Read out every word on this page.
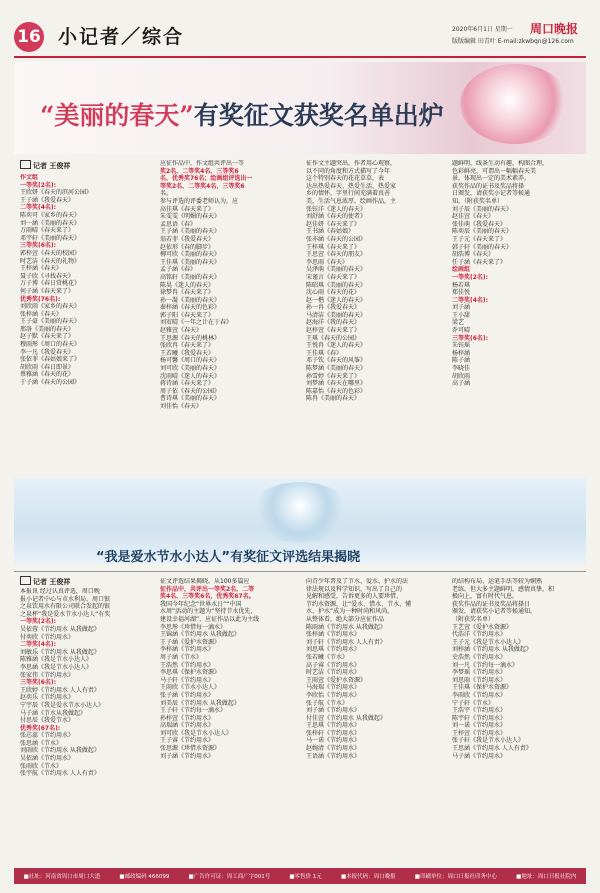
16 小记者／综合	2020年6月1日 星期一 周口晚报
版版编辑 田青叶 E-mail:zkwbqn@126.com
“美丽的春天”有奖征文获奖名单出炉
记者 王俊祥
作文组
一等奖(2名):
王欣妍《春天的滨河公园》
王子涵《我爱春天》
二等奖(4名):
陈奕可《家乡的春天》
刘一涵《美丽的春天》
万雨晴《春天来了》
邓宇轩《美丽的春天》
三等奖(6名):
郭梓萱《春天的校园》
时艺洁《春天的礼物》
王梓涵《春天》
聂子欣《寻找春天》
万子博《春日赏桃花》
何子涵《春天来了》
优秀奖(76名):
刘欣雨《家乡的春天》
张梓涵《春天》
王子豪《美丽的春天》
邢洛《美丽的春天》
赵子默《春天来了》
穆雨彤《周口的春天》
李一凡《我爱春天》
张依菲《春姑娘来了》
胡欣雨《春日即景》
蔡雅涵《春天的花》
于子涵《春天的公园》
应征作品中，作文组共评出一等
奖2名、二等奖4名、三等奖6
名，优秀奖76名；绘画组评选出一
等奖2名、二等奖4名，三等奖6
名。
参与评选的评委老师认为，应
高佳琪《春天来了》
朱雯雯《明媚的春天》
孟思语《春》
王子涵《美丽的春天》
翁若菲《我爱春天》
赵依形《春的脚步》
柳可欣《美丽的春天》
王佳琪《美丽的春天》
孟子涵《春》
高铭轩《美丽的春天》
陈昊《迷人的春天》
徐梦冉《春天来了》
孙一凝《美丽的春天》
秦梓涵《春天的色彩》
郭子阳《春天来了》
刘宥晴《一年之计在于春》
赵雅萱《春天》
王思源《春天的桃林》
张欣冉《春天来了》
王若曦《我爱春天》
杨可馨《周口的春天》
刘可欣《美丽的春天》
沈雨晴《迷人的春天》
蒋诗涵《春天来了》
周子依《春天的公园》
曹诗琪《美丽的春天》
刘佳怡《春天》
征作文主题突出，作者用心观察，
以不同的角度和方式描写了今年
这个特别春天的花花草草，表
达出热爱春天、热爱生活、热爱家
乡的情怀，字里行间充满着真善
美，生活气息浓厚。绘画作品，主
张钰洋《迷人的春天》
刘舒涵《春天的使者》
赵佳妍《春天来了》
王书涵《春姑娘》
张亦涵《春天的公园》
王梓琪《春天来了》
王思萱《春天的朋友》
李思雨《春天》
吴泽萌《美丽的春天》
宋谨言《春天来了》
陈昭琪《美丽的春天》
沈心雨《春天的花》
赵一楷《迷人的春天》
孙一冉《我爱春天》
马清洁《美丽的春天》
赵海洋《我的春天》
赵梓萱《春天来了》
王琪《春天的公园》
王悦冉《迷人的春天》
王佳琪《春》
邓子钦《春天的风筝》
陈梦涵《美丽的春天》
孙雪婷《春天来了》
刘梦涵《春天在哪里》
陈嘉怡《春天的色彩》
陈冉《美丽的春天》
题鲜明，线条生动有趣，构图合理，
色彩鲜亮，可谓出一幅幅春天美
景，体现出一定的美术素养。
获奖作品的证书及奖品将择
日颁发，请获奖小记者等候通
知。（附获奖名单）
刘子辰《美丽的春天》
赵佳萱《春天》
张佳萌《我爱春天》
陈奕辰《美丽的春天》
王子元《春天来了》
韩子轩《美丽的春天》
胡浩博《春天》
任子涵《春天来了》
绘画组
一等奖(2名):
杨若琪
郑佳悦
二等奖(4名):
刘子涵
王小甜
梁艺
乔可晴
三等奖(6名):
朱钰瑶
杨梓涵
陈子涵
李晓佳
胡欣雨
高子涵
“我是爱水节水小达人”有奖征文评选结果揭晓
记者 王俊祥
本报讯 经过认真评选，周口晚
报小记者中心与市水利局、周口银
之泉饮用水有限公司联合发起的银
之泉杯“我是爱水节水小达人”有奖
一等奖(2名):
吴依蓉《节约用水 从我做起》
付奕欣《节约用水》
二等奖(4名):
刘敏乐《节约用水 从我做起》
陈雅涵《我是节水小达人》
李思涵《我是节水小达人》
张家伟《节约用水》
三等奖(6名):
王欣婷《节约用水 人人有责》
赵奕乐《节约用水》
宁宇辰《我是爱水节水小达人》
马子涵《节水从我做起》
付思辰《我爱节水》
优秀奖(67名):
张芯蕊《节约用水》
张思涵《节水》
刘雨欣《节约用水 从我做起》
吴依涵《节约用水》
张雨欣《节水》
张宇航《节约用水 人人有责》
征文评选结果揭晓。从100多篇应
征作品中，共评出一等奖2名、二等
奖4名、三等奖6名，优秀奖67名。
我国今年纪念“世界水日”“中国
水周”活动的主题为“坚持节水优先，
建设幸福河湖”，应征作品以此为主线
李思彤《珍惜每一滴水》
王锦涵《节约用水 从我做起》
王子涵《爱护水资源》
李梓涵《节约用水》
周子涵《节水》
王浩然《节约用水》
李思琪《保护水资源》
马子轩《节约用水》
王雨欣《节水小达人》
张子涵《节约用水》
刘美辰《节约用水 从我做起》
王子轩《节约每一滴水》
孙梓萱《节约用水》
高瑞涵《节约用水》
刘可欣《我是节水小达人》
王子睿《节约用水》
张思源《珍惜水资源》
刘子涵《节约用水》
向青少年普及了节水、爱水、护水的法
律法规以及科学知识，写出了自己的
见解和感受，告诉更多的人要珍惜、
节约水资源，让“爱水、惜水、节水、懂
水、护水”成为一种时尚和风尚。
从整体看，绝大部分应征作品
陈雨涵《节约用水 从我做起》
张梓涵《节约用水》
刘子轩《节约用水 人人有责》
刘思琪《节约用水》
张若曦《节水》
高子睿《节约用水》
时艺洁《节约用水》
王雨萱《爱护水资源》
马海瑞《节约用水》
李欣怡《节约用水》
张子航《节水》
刘子涵《节约用水》
付佳萱《节约用水 从我做起》
王思琪《节约用水》
张梓轩《节约用水》
马一诺《节约用水》
赵婉清《节约用水》
王语涵《节约用水》
的结构布局、运笔手法等较为娴熟
老练，但大多主题鲜明，感情真挚，积
极向上，富有时代气息。
获奖作品的证书及奖品将择日
颁发，请获奖小记者等候通知。
（附获奖名单）
王艺萱《爱护水资源》
代浩洋《节约用水》
王子元《我是节水小达人》
刘梓涵《节约用水 从我做起》
史浩然《节约用水》
刘一凡《节约每一滴水》
李梦瑶《节约用水》
刘思雨《节约用水》
王佳琪《保护水资源》
李雨欣《节约用水》
宁子轩《节水》
王浩宇《节约用水》
陈宇轩《节约用水》
刘一诺《节约用水》
王梓萱《节约用水》
张子轩《我是节水小达人》
王思涵《节约用水 人人有责》
马子涵《节约用水》
■社址：河南省周口市周口大道	■邮政编码 466099	■广告许可证：周工商广字001号	■零售价 1元	■本报代码：周口晚报	■印刷单位：周口日报社印务中心	■地址：周口日报社院内
